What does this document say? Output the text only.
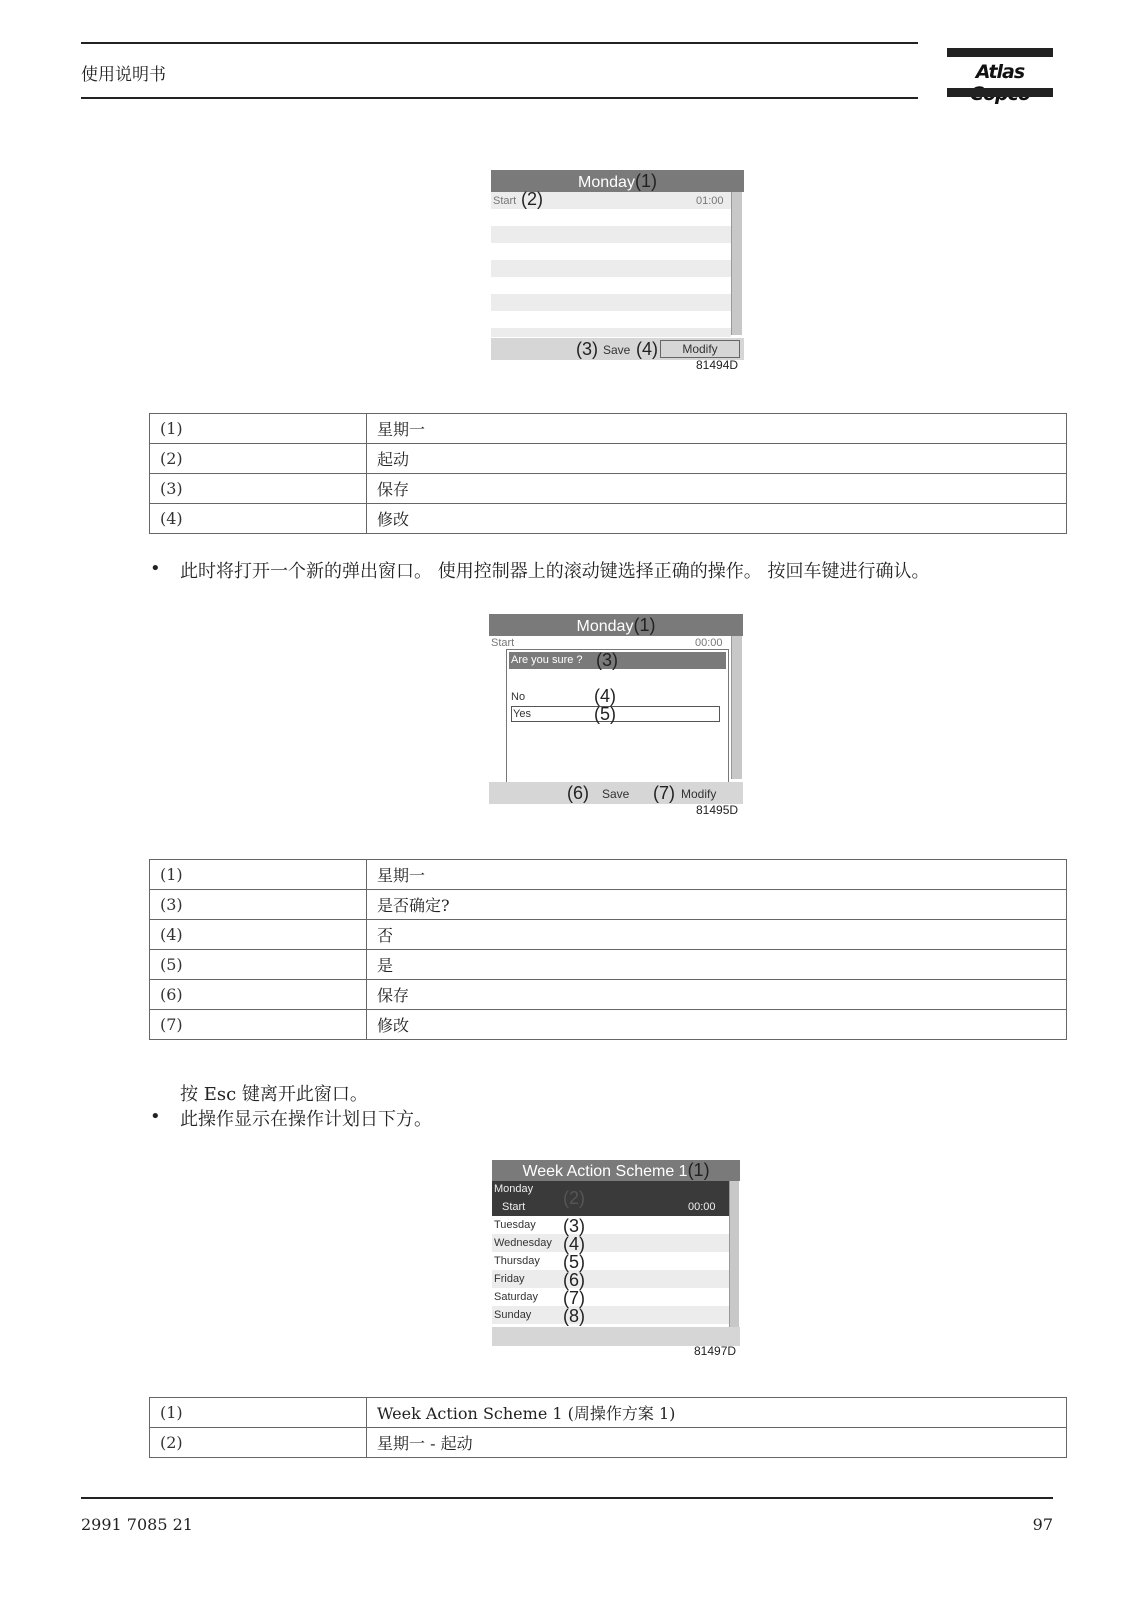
使用说明书	Atlas
Monday(1)
Start (2)	01:00
(3) Save (4)	Modify
81494D
(1)	星期一
(2)	起动
(3)	保存
(4)	修改
• 此时将打开一个新的弹出窗口。 使用控制器上的滚动键选择正确的操作。 按回车键进行确认。
Monday(1)
Start	00:00
Are you sure ? (3)
No	(4)
Yes	(5)
(6) Save (7) Modify
81495D
(1)	星期一
(3)	是否确定?
(4)	否
(5)	是
(6)	保存
(7)	修改
按 Esc 键离开此窗口。
• 此操作显示在操作计划日下方。
Week Action Scheme 1(1)
Monday (2)
Start	00:00
Tuesday (3)
Wednesday (4)
Thursday (5)
Friday (6)
Saturday (7)
Sunday (8)
81497D
(1)	Week Action Scheme 1 (周操作方案 1)
(2)	星期一 - 起动
2991 7085 21	97
